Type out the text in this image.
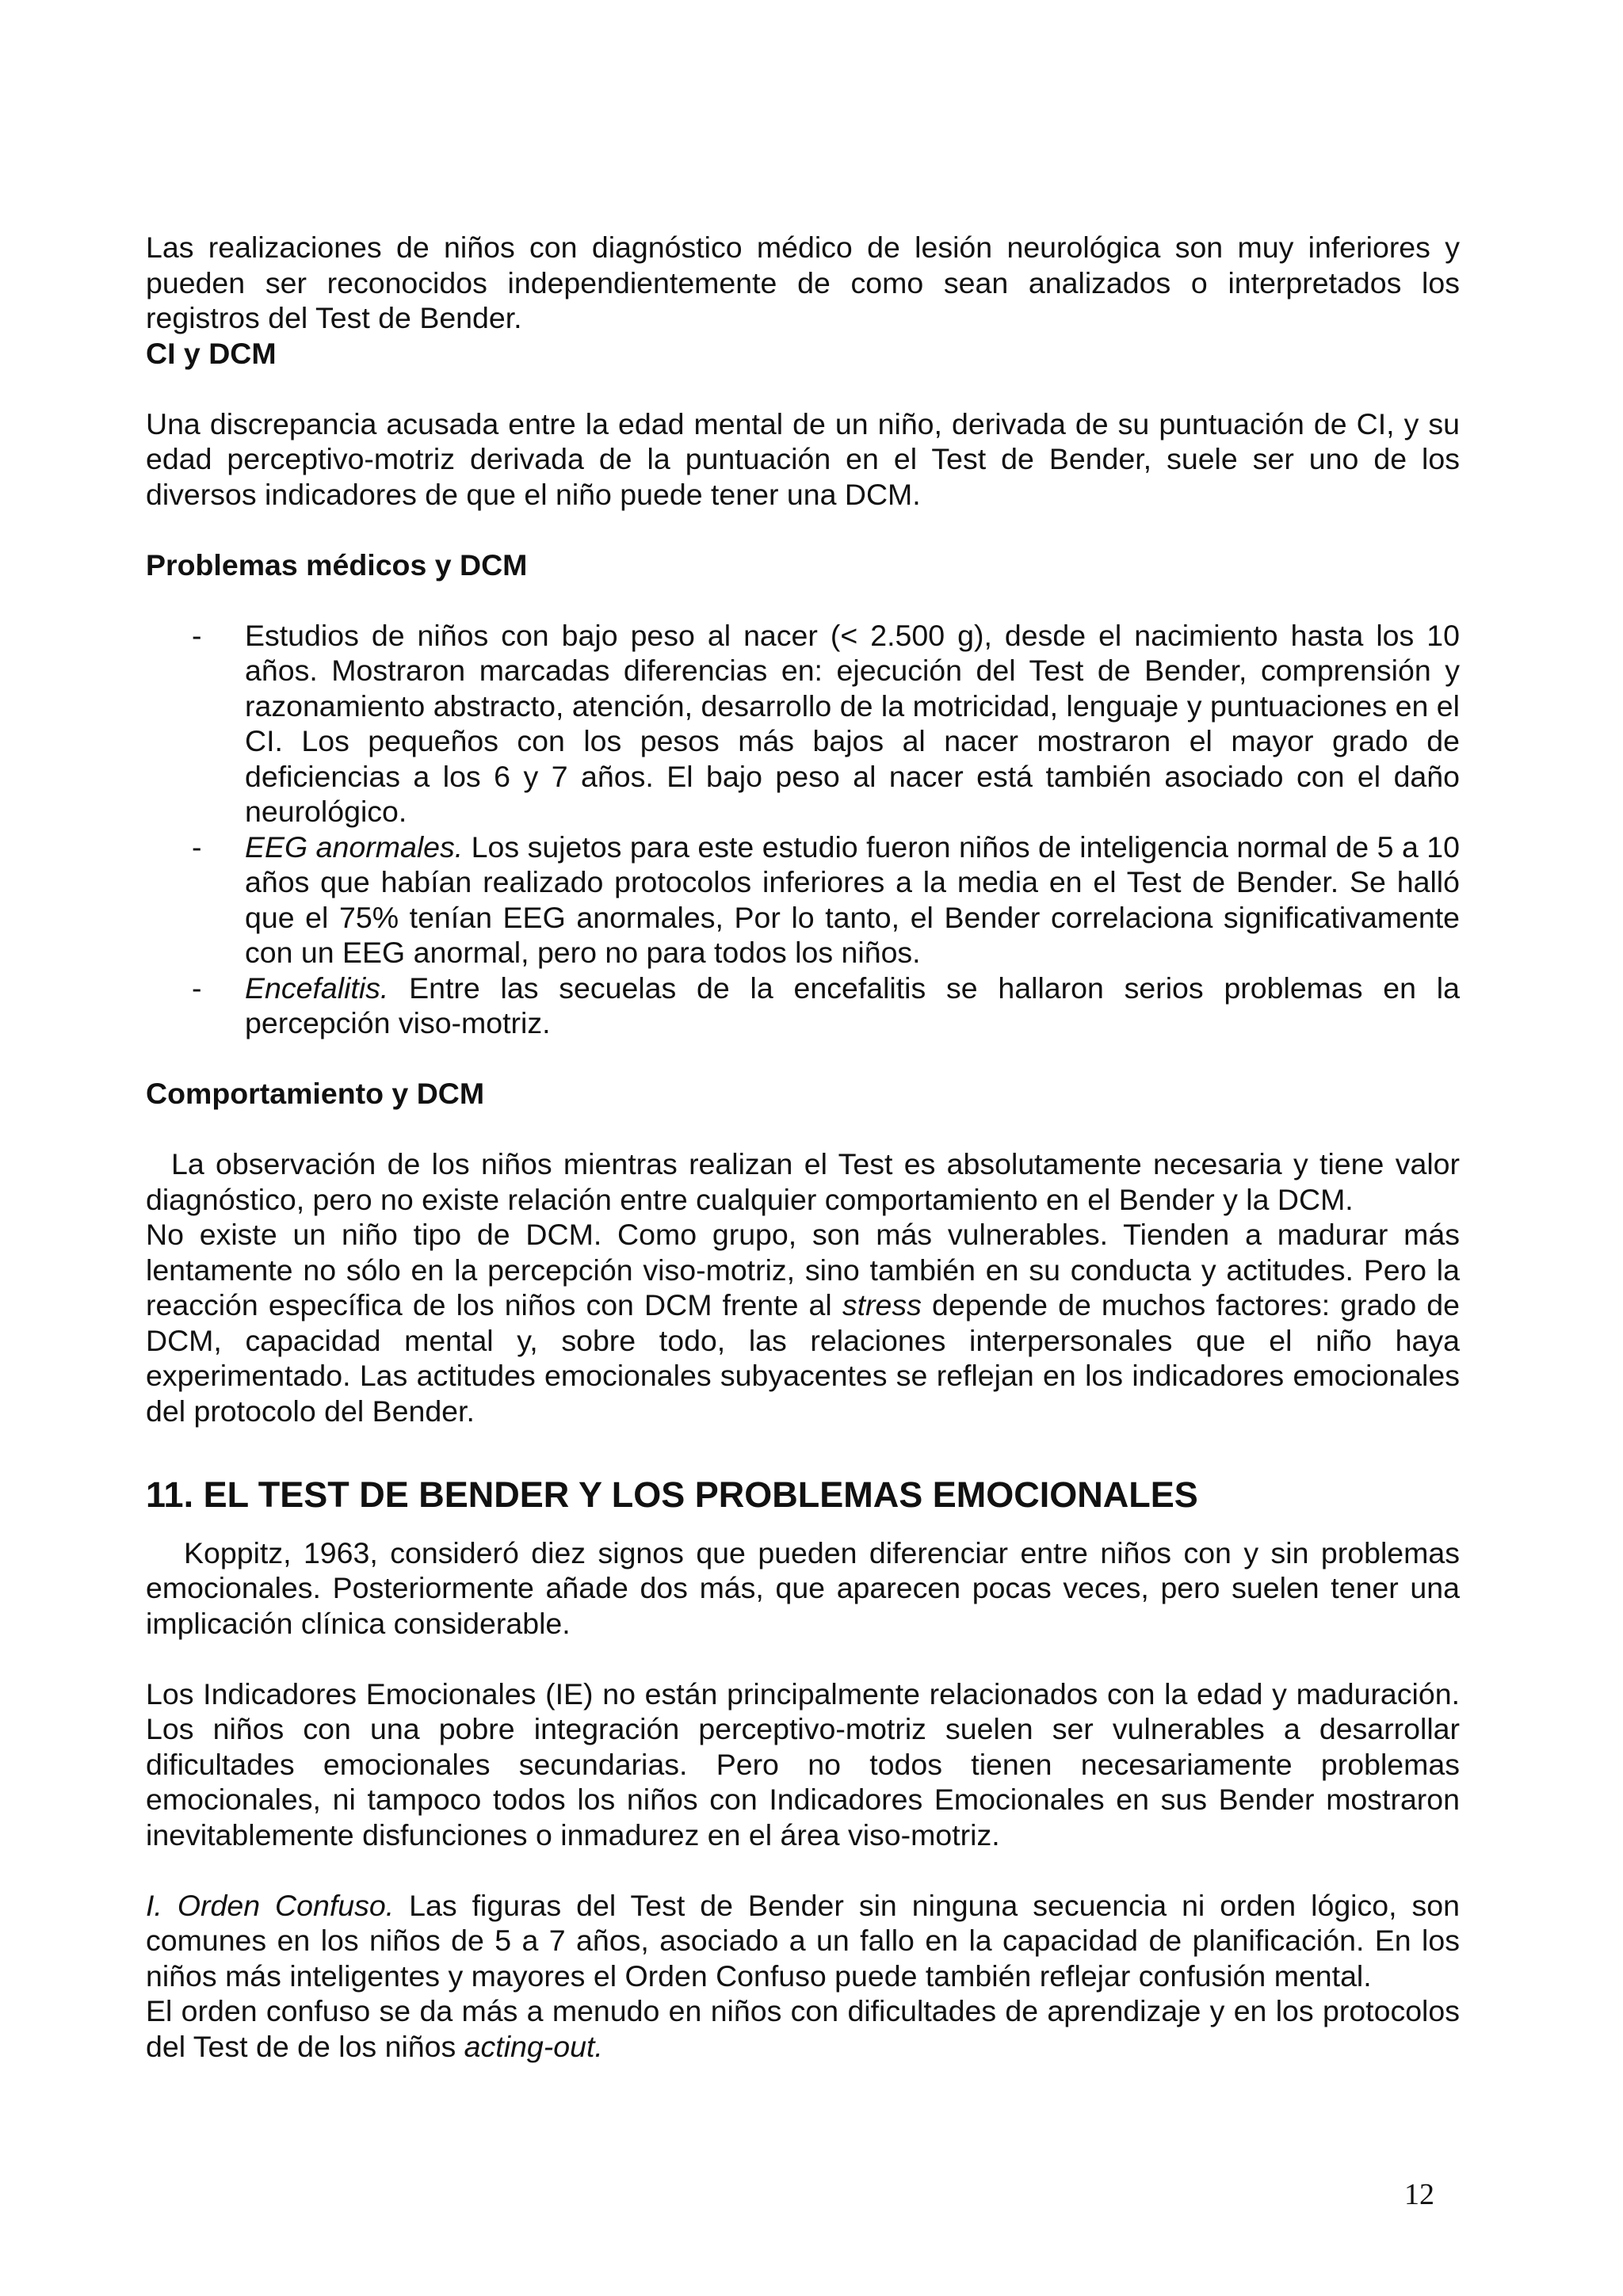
Las realizaciones de niños con diagnóstico médico de lesión neurológica son muy inferiores y pueden ser reconocidos independientemente de como sean analizados o interpretados los registros del Test de Bender.

CI y DCM

Una discrepancia acusada entre la edad mental de un niño, derivada de su puntuación de CI, y su edad perceptivo-motriz derivada de la puntuación en el Test de Bender, suele ser uno de los diversos indicadores de que el niño puede tener una DCM.

Problemas médicos y DCM
- Estudios de niños con bajo peso al nacer (< 2.500 g), desde el nacimiento hasta los 10 años. Mostraron marcadas diferencias en: ejecución del Test de Bender, comprensión y razonamiento abstracto, atención, desarrollo de la motricidad, lenguaje y puntuaciones en el CI. Los pequeños con los pesos más bajos al nacer mostraron el mayor grado de deficiencias a los 6 y 7 años. El bajo peso al nacer está también asociado con el daño neurológico.
- EEG anormales. Los sujetos para este estudio fueron niños de inteligencia normal de 5 a 10 años que habían realizado protocolos inferiores a la media en el Test de Bender. Se halló que el 75% tenían EEG anormales, Por lo tanto, el Bender correlaciona significativamente con un EEG anormal, pero no para todos los niños.
- Encefalitis. Entre las secuelas de la encefalitis se hallaron serios problemas en la percepción viso-motriz.
Comportamiento y DCM

La observación de los niños mientras realizan el Test es absolutamente necesaria y tiene valor diagnóstico, pero no existe relación entre cualquier comportamiento en el Bender y la DCM.

No existe un niño tipo de DCM. Como grupo, son más vulnerables. Tienden a madurar más lentamente no sólo en la percepción viso-motriz, sino también en su conducta y actitudes. Pero la reacción específica de los niños con DCM frente al stress depende de muchos factores: grado de DCM, capacidad mental y, sobre todo, las relaciones interpersonales que el niño haya experimentado. Las actitudes emocionales subyacentes se reflejan en los indicadores emocionales del protocolo del Bender.

11. EL TEST DE BENDER Y LOS PROBLEMAS EMOCIONALES

Koppitz, 1963, consideró diez signos que pueden diferenciar entre niños con y sin problemas emocionales. Posteriormente añade dos más, que aparecen pocas veces, pero suelen tener una implicación clínica considerable.

Los Indicadores Emocionales (IE) no están principalmente relacionados con la edad y maduración. Los niños con una pobre integración perceptivo-motriz suelen ser vulnerables a desarrollar dificultades emocionales secundarias. Pero no todos tienen necesariamente problemas emocionales, ni tampoco todos los niños con Indicadores Emocionales en sus Bender mostraron inevitablemente disfunciones o inmadurez en el área viso-motriz.

I. Orden Confuso. Las figuras del Test de Bender sin ninguna secuencia ni orden lógico, son comunes en los niños de 5 a 7 años, asociado a un fallo en la capacidad de planificación. En los niños más inteligentes y mayores el Orden Confuso puede también reflejar confusión mental.

El orden confuso se da más a menudo en niños con dificultades de aprendizaje y en los protocolos del Test de de los niños acting-out.

12
